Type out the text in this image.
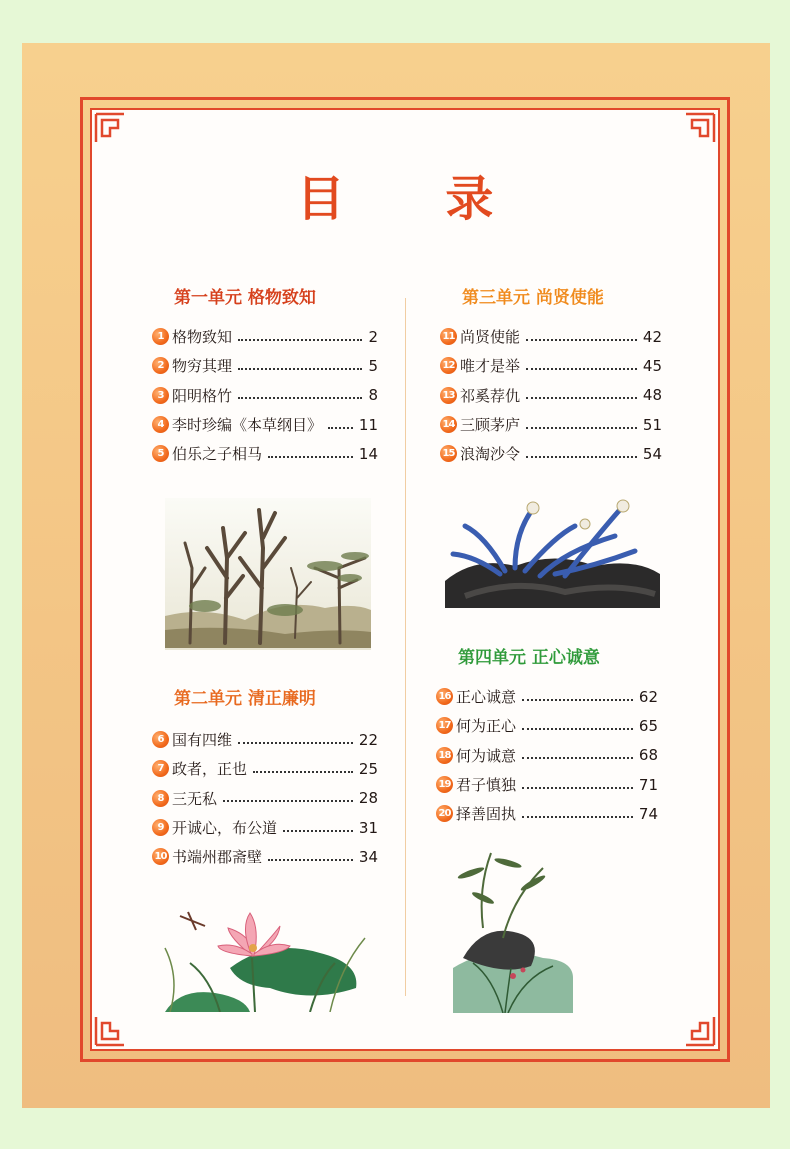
目 录
第一单元 格物致知
第二单元 清正廉明
第三单元 尚贤使能
第四单元 正心诚意
1 格物致知	2
2 物穷其理	5
3 阳明格竹	8
4 李时珍编《本草纲目》 11
5 伯乐之子相马	14
6 国有四维	22
7 政者，正也	25
8 三无私	28
9 开诚心，布公道	31
10 书端州郡斋壁	34
11 尚贤使能	42
12 唯才是举	45
13 祁奚荐仇	48
14 三顾茅庐	51
15 浪淘沙令	54
16 正心诚意	62
17 何为正心	65
18 何为诚意	68
19 君子慎独	71
20 择善固执	74
